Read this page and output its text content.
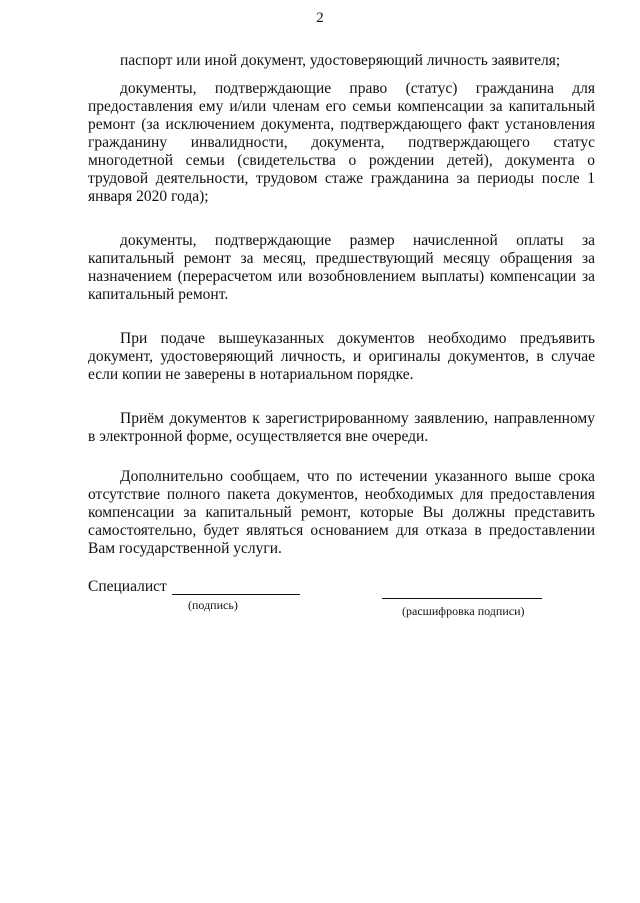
2

паспорт или иной документ, удостоверяющий личность заявителя;

документы, подтверждающие право (статус) гражданина для предоставления ему и/или членам его семьи компенсации за капитальный ремонт (за исключением документа, подтверждающего факт установления гражданину инвалидности, документа, подтверждающего статус многодетной семьи (свидетельства о рождении детей), документа о трудовой деятельности, трудовом стаже гражданина за периоды после 1 января 2020 года);

документы, подтверждающие размер начисленной оплаты за капитальный ремонт за месяц, предшествующий месяцу обращения за назначением (перерасчетом или возобновлением выплаты) компенсации за капитальный ремонт.

При подаче вышеуказанных документов необходимо предъявить документ, удостоверяющий личность, и оригиналы документов, в случае если копии не заверены в нотариальном порядке.

Приём документов к зарегистрированному заявлению, направленному в электронной форме, осуществляется вне очереди.

Дополнительно сообщаем, что по истечении указанного выше срока отсутствие полного пакета документов, необходимых для предоставления компенсации за капитальный ремонт, которые Вы должны представить самостоятельно, будет являться основанием для отказа в предоставлении Вам государственной услуги.

Специалист
(подпись)	(расшифровка подписи)
